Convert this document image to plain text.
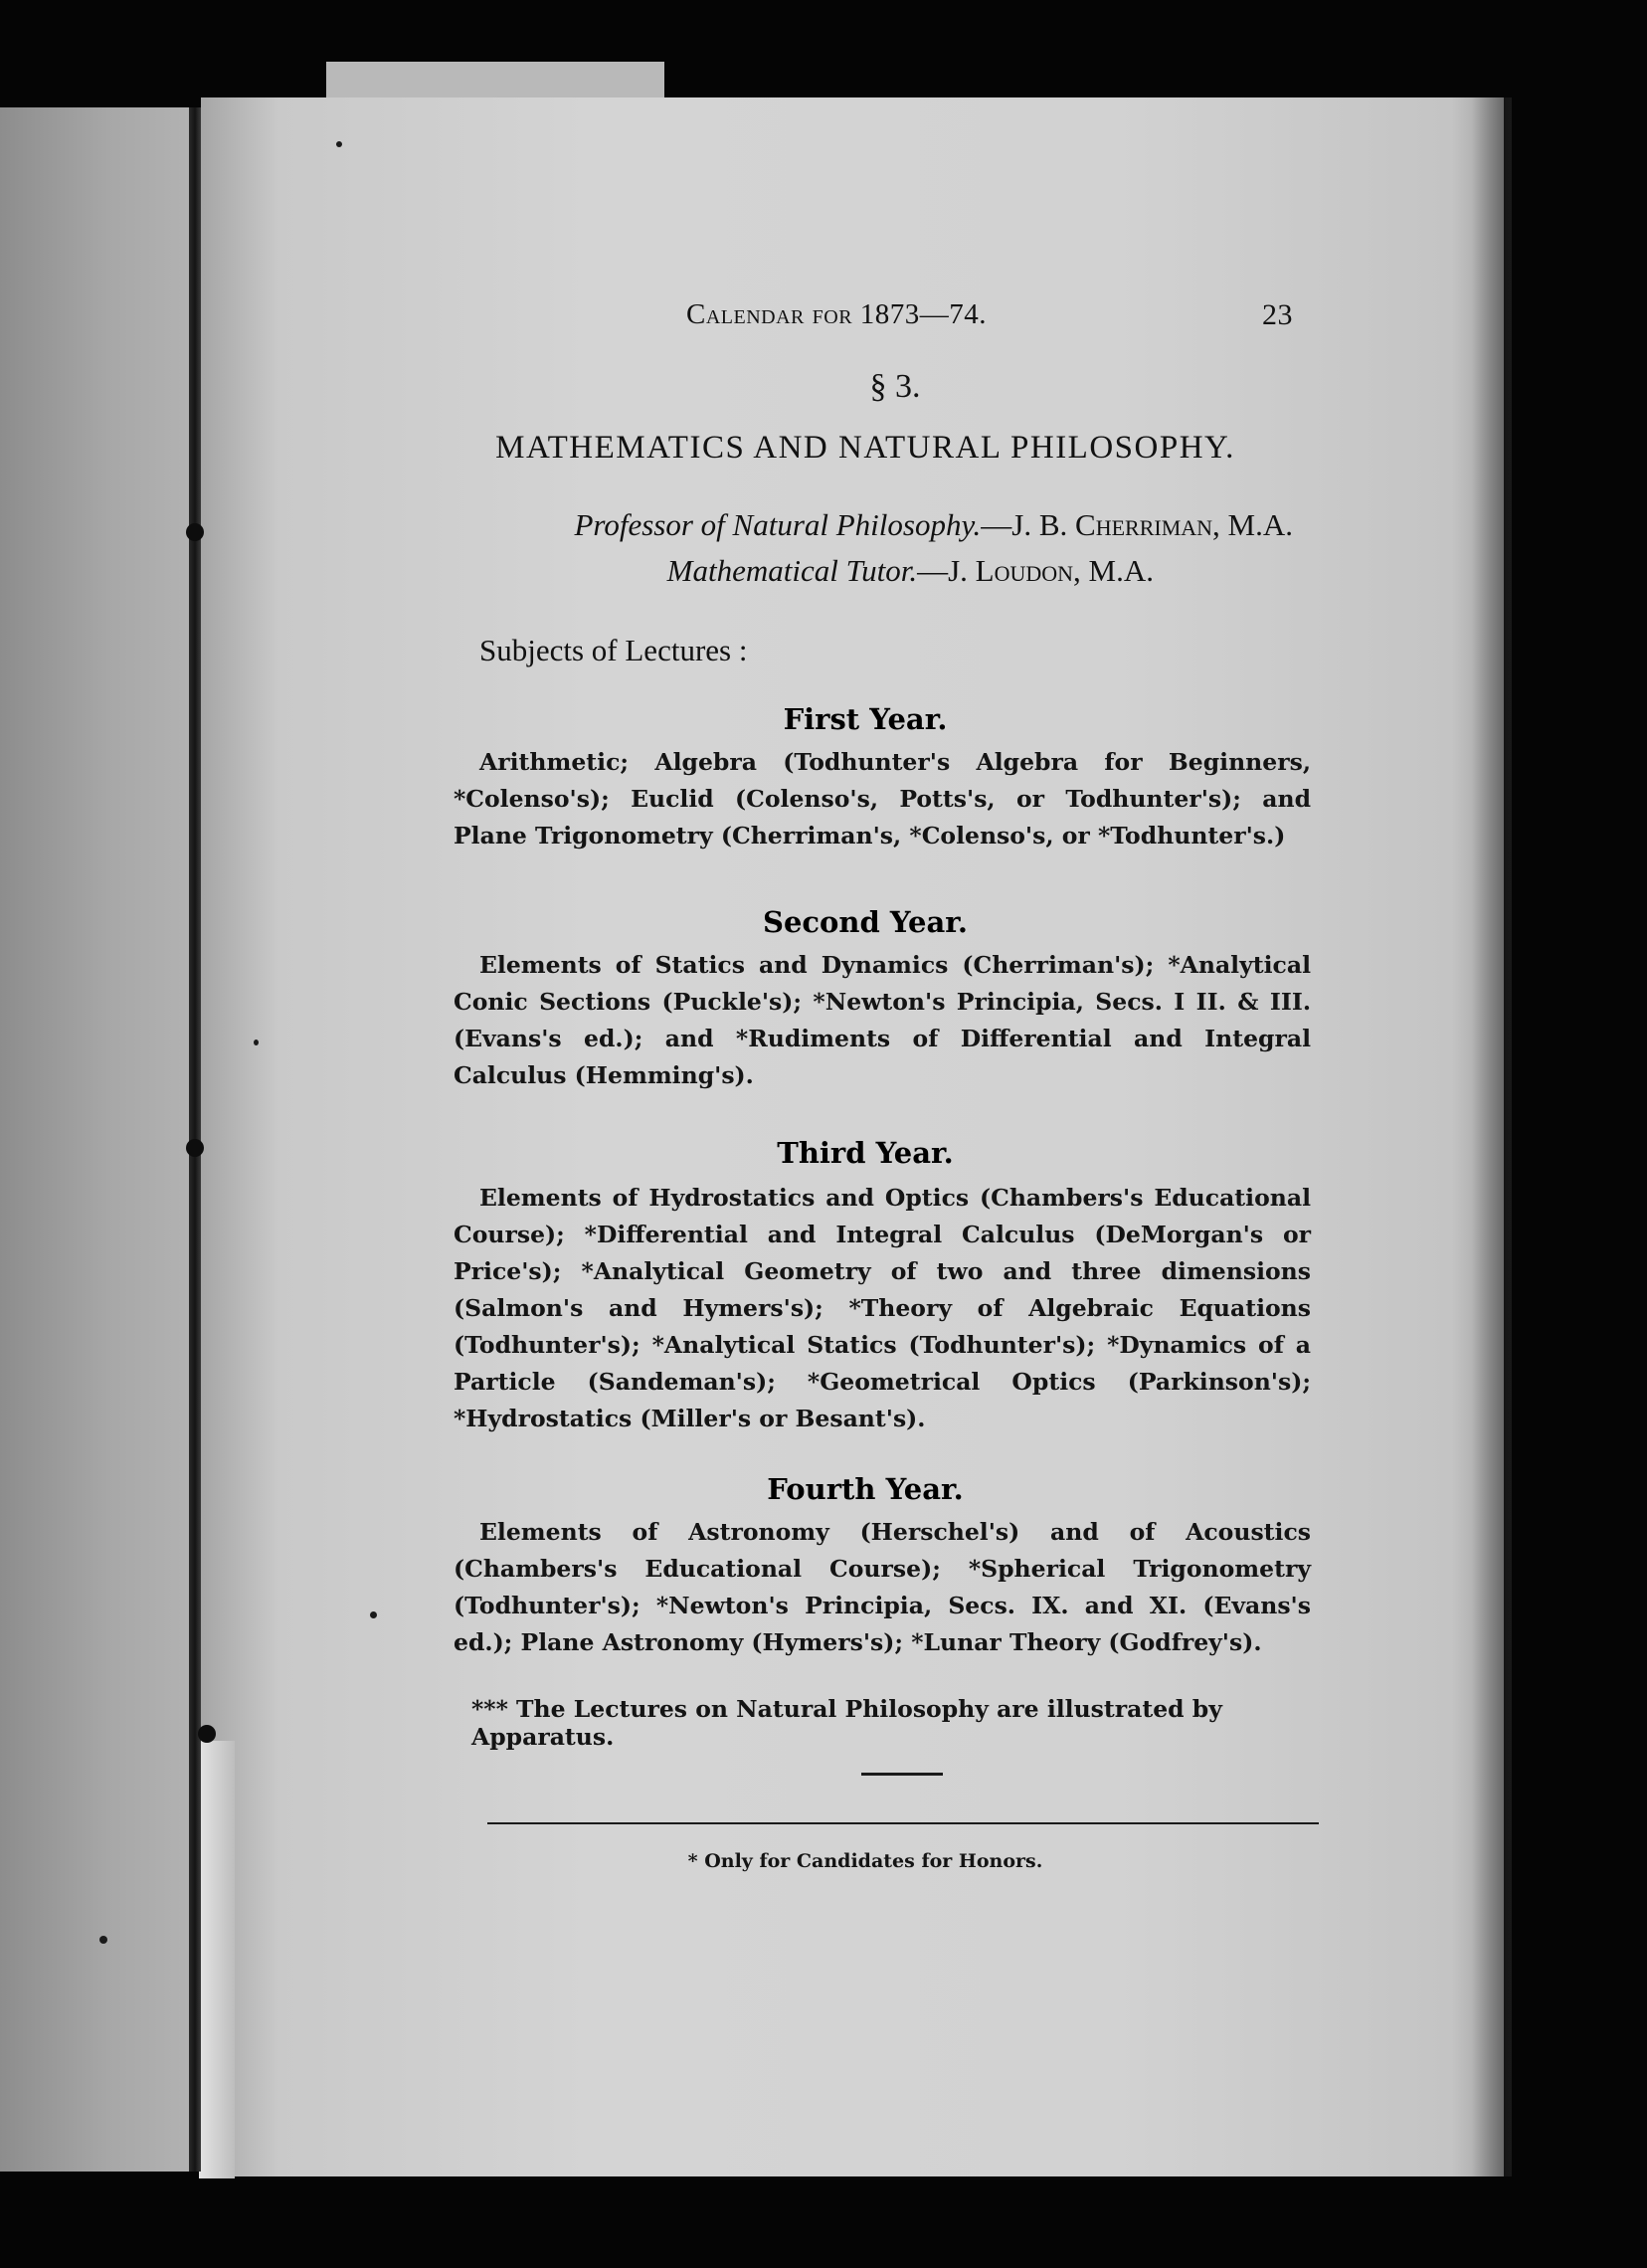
Calendar for 1873—74.	23
§ 3.
MATHEMATICS AND NATURAL PHILOSOPHY.
Professor of Natural Philosophy.—J. B. Cherriman, M.A.
Mathematical Tutor.—J. Loudon, M.A.
Subjects of Lectures :
First Year.
Arithmetic; Algebra (Todhunter's Algebra for Beginners, *Colenso's); Euclid (Colenso's, Potts's, or Todhunter's); and Plane Trigonometry (Cherriman's, *Colenso's, or *Todhunter's.)
Second Year.
Elements of Statics and Dynamics (Cherriman's); *Analytical Conic Sections (Puckle's); *Newton's Principia, Secs. I II. & III. (Evans's ed.); and *Rudiments of Differential and Integral Calculus (Hemming's).
Third Year.
Elements of Hydrostatics and Optics (Chambers's Educational Course); *Differential and Integral Calculus (DeMorgan's or Price's); *Analytical Geometry of two and three dimensions (Salmon's and Hymers's); *Theory of Algebraic Equations (Todhunter's); *Analytical Statics (Todhunter's); *Dynamics of a Particle (Sandeman's); *Geometrical Optics (Parkinson's); *Hydrostatics (Miller's or Besant's).
Fourth Year.
Elements of Astronomy (Herschel's) and of Acoustics (Chambers's Educational Course); *Spherical Trigonometry (Todhunter's); *Newton's Principia, Secs. IX. and XI. (Evans's ed.); Plane Astronomy (Hymers's); *Lunar Theory (Godfrey's).
*** The Lectures on Natural Philosophy are illustrated by Apparatus.
* Only for Candidates for Honors.
